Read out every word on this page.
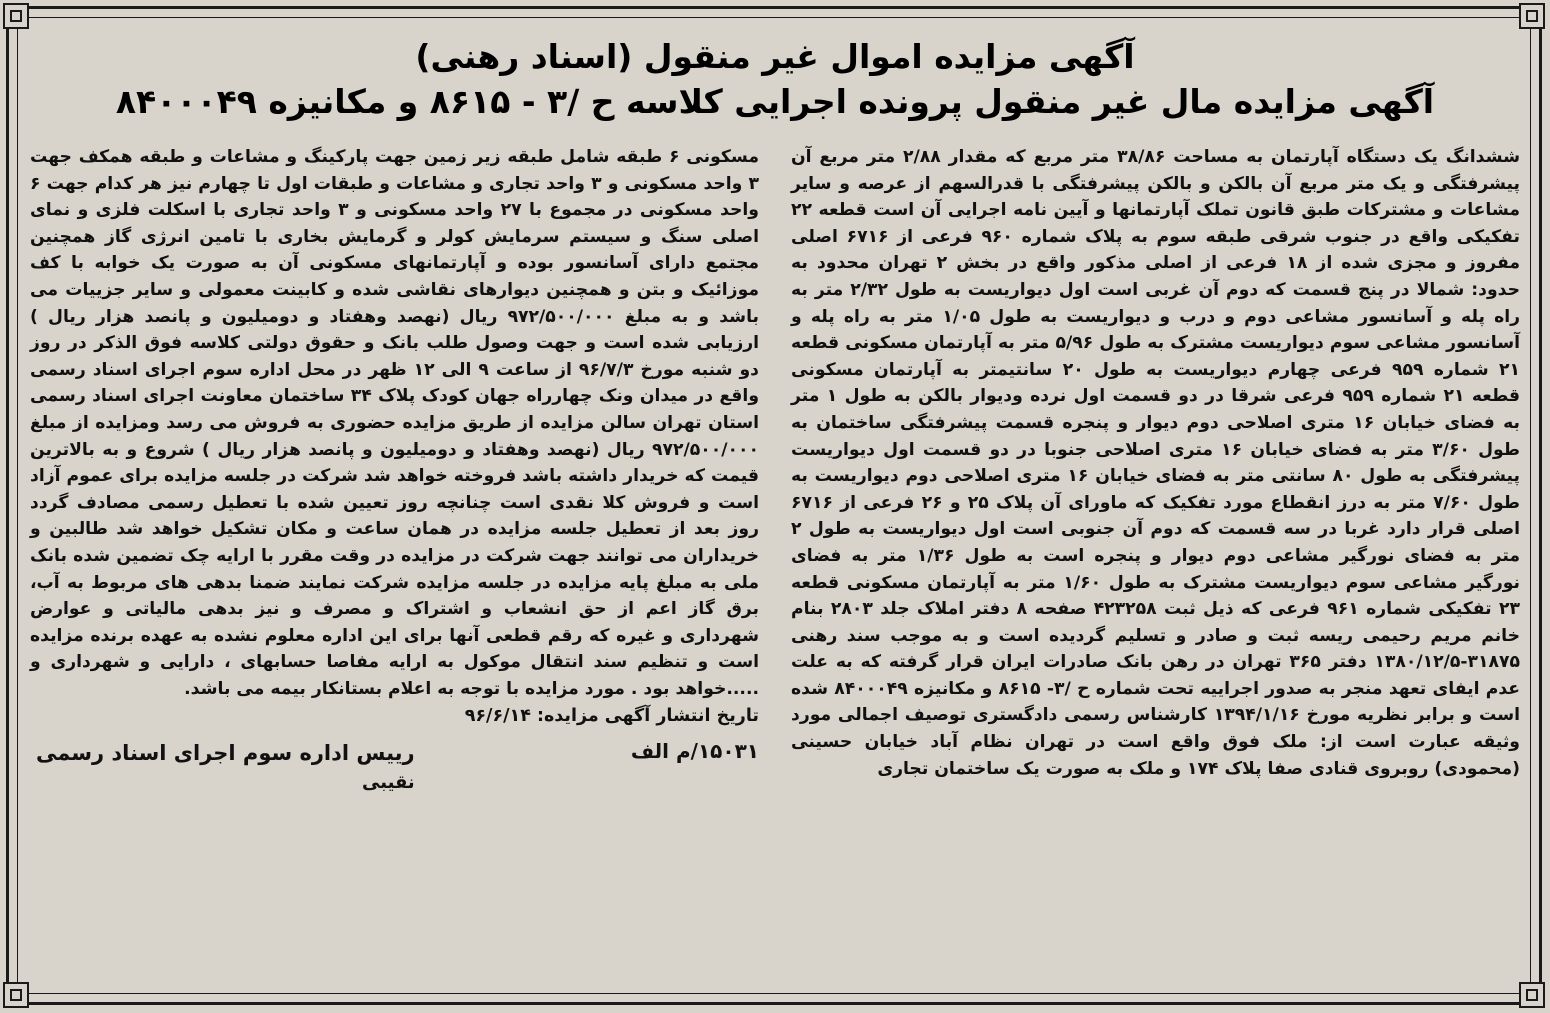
آگهی مزایده اموال غیر منقول (اسناد رهنی)
آگهی مزایده مال غیر منقول پرونده اجرایی کلاسه ح /۳ - ۸۶۱۵ و مکانیزه ۸۴۰۰۰۴۹

ششدانگ یک دستگاه آپارتمان به مساحت ۳۸/۸۶ متر مربع که مقدار ۲/۸۸ متر مربع آن پیشرفتگی و یک متر مربع آن بالکن و بالکن پیشرفتگی با قدرالسهم از عرصه و سایر مشاعات و مشترکات طبق قانون تملک آپارتمانها و آیین نامه اجرایی آن است قطعه ۲۲ تفکیکی واقع در جنوب شرقی طبقه سوم به پلاک شماره ۹۶۰ فرعی از ۶۷۱۶ اصلی مفروز و مجزی شده از ۱۸ فرعی از اصلی مذکور واقع در بخش ۲ تهران محدود به حدود: شمالا در پنج قسمت که دوم آن غربی است اول دیواریست به طول ۲/۳۲ متر به راه پله و آسانسور مشاعی دوم و درب و دیواریست به طول ۱/۰۵ متر به راه پله و آسانسور مشاعی سوم دیواریست مشترک به طول ۵/۹۶ متر به آپارتمان مسکونی قطعه ۲۱ شماره ۹۵۹ فرعی چهارم دیواریست به طول ۲۰ سانتیمتر به آپارتمان مسکونی قطعه ۲۱ شماره ۹۵۹ فرعی شرقا در دو قسمت اول نرده ودیوار بالکن به طول ۱ متر به فضای خیابان ۱۶ متری اصلاحی دوم دیوار و پنجره قسمت پیشرفتگی ساختمان به طول ۳/۶۰ متر به فضای خیابان ۱۶ متری اصلاحی جنوبا در دو قسمت اول دیواریست پیشرفتگی به طول ۸۰ سانتی متر به فضای خیابان ۱۶ متری اصلاحی دوم دیواریست به طول ۷/۶۰ متر به درز انقطاع مورد تفکیک که ماورای آن پلاک ۲۵ و ۲۶ فرعی از ۶۷۱۶ اصلی قرار دارد غربا در سه قسمت که دوم آن جنوبی است اول دیواریست به طول ۲ متر به فضای نورگیر مشاعی دوم دیوار و پنجره است به طول ۱/۳۶ متر به فضای نورگیر مشاعی سوم دیواریست مشترک به طول ۱/۶۰ متر به آپارتمان مسکونی قطعه ۲۳ تفکیکی شماره ۹۶۱ فرعی که ذیل ثبت ۴۲۳۲۵۸ صفحه ۸ دفتر املاک جلد ۲۸۰۳ بنام خانم مریم رحیمی ریسه ثبت و صادر و تسلیم گردیده است و به موجب سند رهنی ۳۱۸۷۵-۱۳۸۰/۱۲/۵ دفتر ۳۶۵ تهران در رهن بانک صادرات ایران قرار گرفته که به علت عدم ایفای تعهد منجر به صدور اجراییه تحت شماره ح /۳- ۸۶۱۵ و مکانیزه ۸۴۰۰۰۴۹ شده است و برابر نظریه مورخ ۱۳۹۴/۱/۱۶ کارشناس رسمی دادگستری توصیف اجمالی مورد وثیقه عبارت است از: ملک فوق واقع است در تهران نظام آباد خیابان حسینی (محمودی) روبروی قنادی صفا پلاک ۱۷۴ و ملک به صورت یک ساختمان تجاری

مسکونی ۶ طبقه شامل طبقه زیر زمین جهت پارکینگ و مشاعات و طبقه همکف جهت ۳ واحد مسکونی و ۳ واحد تجاری و مشاعات و طبقات اول تا چهارم نیز هر کدام جهت ۶ واحد مسکونی در مجموع با ۲۷ واحد مسکونی و ۳ واحد تجاری با اسکلت فلزی و نمای اصلی سنگ و سیستم سرمایش کولر و گرمایش بخاری با تامین انرژی گاز همچنین مجتمع دارای آسانسور بوده و آپارتمانهای مسکونی آن به صورت یک خوابه با کف موزائیک و بتن و همچنین دیوارهای نقاشی شده و کابینت معمولی و سایر جزییات می باشد و به مبلغ ۹۷۲/۵۰۰/۰۰۰ ریال (نهصد وهفتاد و دومیلیون و پانصد هزار ریال ) ارزیابی شده است و جهت وصول طلب بانک و حقوق دولتی کلاسه فوق الذکر در روز دو شنبه مورخ ۹۶/۷/۳ از ساعت ۹ الی ۱۲ ظهر در محل اداره سوم اجرای اسناد رسمی واقع در میدان ونک چهارراه جهان کودک پلاک ۳۴ ساختمان معاونت اجرای اسناد رسمی استان تهران سالن مزایده از طریق مزایده حضوری به فروش می رسد ومزایده از مبلغ ۹۷۲/۵۰۰/۰۰۰ ریال (نهصد وهفتاد و دومیلیون و پانصد هزار ریال ) شروع و به بالاترین قیمت که خریدار داشته باشد فروخته خواهد شد شرکت در جلسه مزایده برای عموم آزاد است و فروش کلا نقدی است چنانچه روز تعیین شده با تعطیل رسمی مصادف گردد روز بعد از تعطیل جلسه مزایده در همان ساعت و مکان تشکیل خواهد شد طالبین و خریداران می توانند جهت شرکت در مزایده در وقت مقرر با ارایه چک تضمین شده بانک ملی به مبلغ پایه مزایده در جلسه مزایده شرکت نمایند ضمنا بدهی های مربوط به آب، برق گاز اعم از حق انشعاب و اشتراک و مصرف و نیز بدهی مالیاتی و عوارض شهرداری و غیره که رقم قطعی آنها برای این اداره معلوم نشده به عهده برنده مزایده است و تنظیم سند انتقال موکول به ارایه مفاصا حسابهای ، دارایی و شهرداری و .....خواهد بود . مورد مزایده با توجه به اعلام بستانکار بیمه می باشد.

تاریخ انتشار آگهی مزایده: ۹۶/۶/۱۴
۱۵۰۳۱/م الف
رییس اداره سوم اجرای اسناد رسمی
نقیبی
